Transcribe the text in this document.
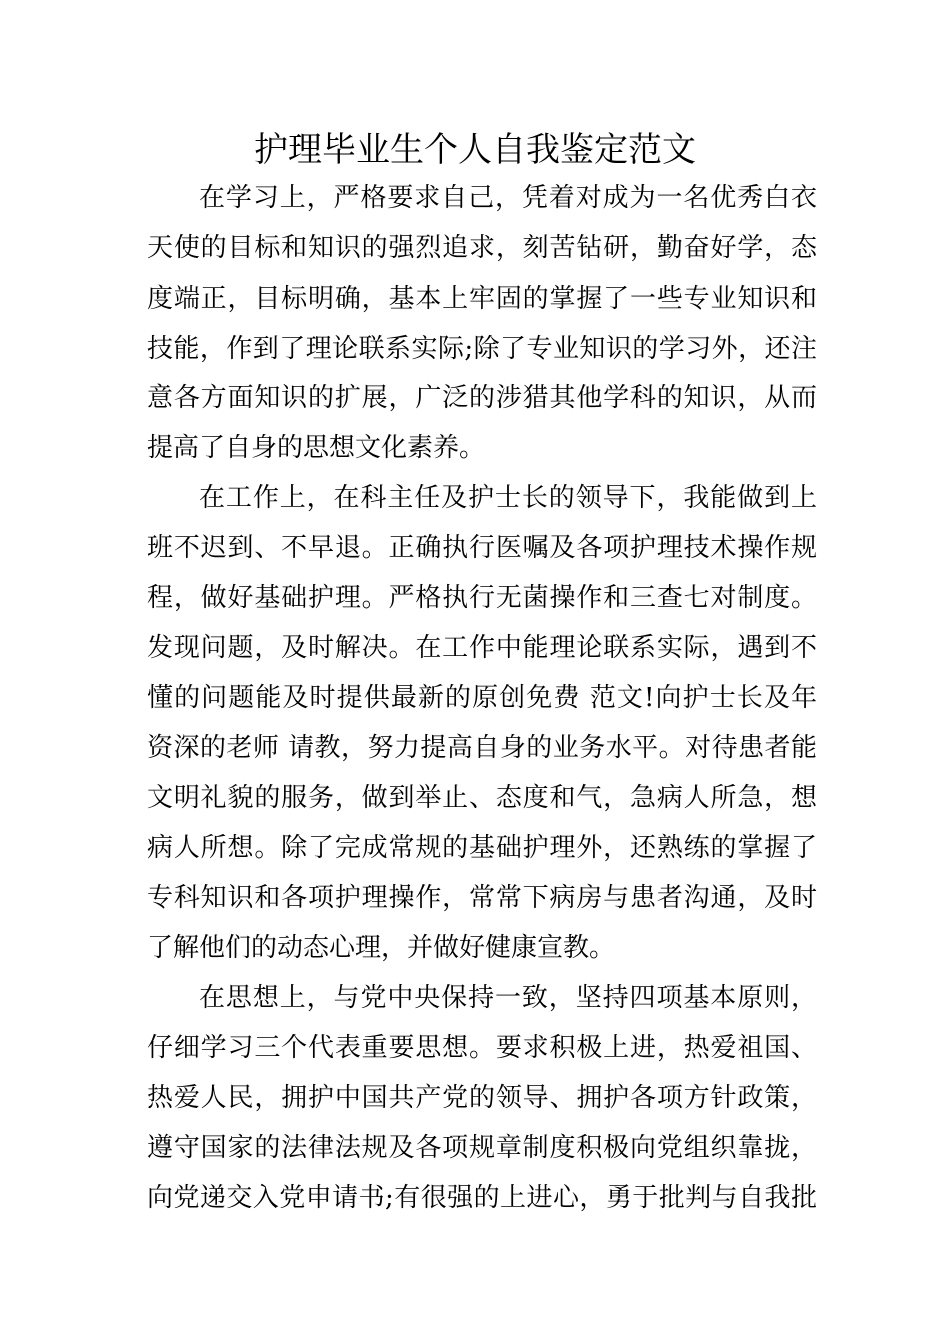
护理毕业生个人自我鉴定范文
在学习上，严格要求自己，凭着对成为一名优秀白衣
天使的目标和知识的强烈追求，刻苦钻研，勤奋好学，态
度端正，目标明确，基本上牢固的掌握了一些专业知识和
技能，作到了理论联系实际;除了专业知识的学习外，还注
意各方面知识的扩展，广泛的涉猎其他学科的知识，从而
提高了自身的思想文化素养。
在工作上，在科主任及护士长的领导下，我能做到上
班不迟到、不早退。正确执行医嘱及各项护理技术操作规
程，做好基础护理。严格执行无菌操作和三查七对制度。
发现问题，及时解决。在工作中能理论联系实际，遇到不
懂的问题能及时提供最新的原创免费 范文!向护士长及年
资深的老师 请教，努力提高自身的业务水平。对待患者能
文明礼貌的服务，做到举止、态度和气，急病人所急，想
病人所想。除了完成常规的基础护理外，还熟练的掌握了
专科知识和各项护理操作，常常下病房与患者沟通，及时
了解他们的动态心理，并做好健康宣教。
在思想上，与党中央保持一致，坚持四项基本原则，
仔细学习三个代表重要思想。要求积极上进，热爱祖国、
热爱人民，拥护中国共产党的领导、拥护各项方针政策，
遵守国家的法律法规及各项规章制度积极向党组织靠拢，
向党递交入党申请书;有很强的上进心，勇于批判与自我批
